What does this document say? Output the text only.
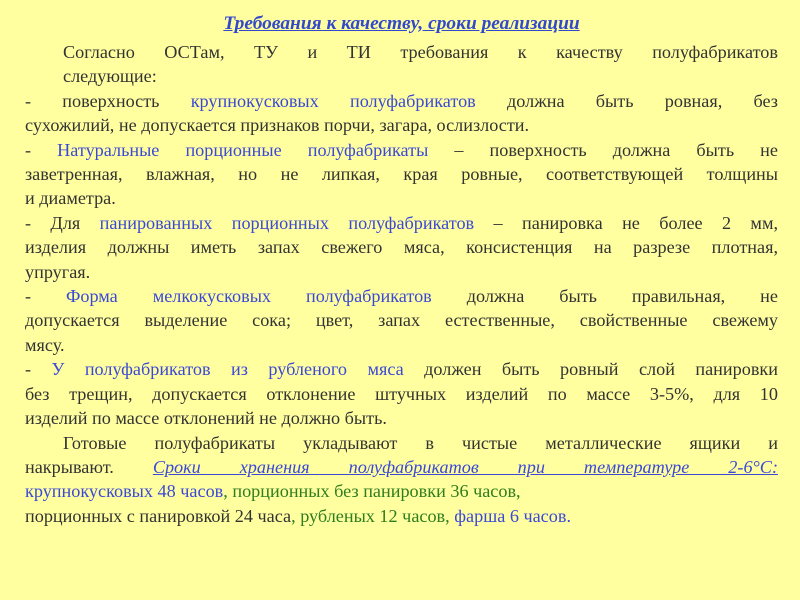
Требования к качеству, сроки реализации

Согласно ОСТам, ТУ и ТИ требования к качеству полуфабрикатов
следующие:

- поверхность крупнокусковых полуфабрикатов должна быть ровная, без
сухожилий, не допускается признаков порчи, загара, ослизлости.

- Натуральные порционные полуфабрикаты – поверхность должна быть не
заветренная, влажная, но не липкая, края ровные, соответствующей толщины
и диаметра.

- Для панированных порционных полуфабрикатов – панировка не более 2 мм,
изделия должны иметь запах свежего мяса, консистенция на разрезе плотная,
упругая.

- Форма мелкокусковых полуфабрикатов должна быть правильная, не
допускается выделение сока; цвет, запах естественные, свойственные свежему
мясу.

- У полуфабрикатов из рубленого мяса должен быть ровный слой панировки
без трещин, допускается отклонение штучных изделий по массе 3-5%, для 10
изделий по массе отклонений не должно быть.

Готовые полуфабрикаты укладывают в чистые металлические ящики и

накрывают. Сроки хранения полуфабрикатов при температуре 2-6°С:
крупнокусковых 48 часов, порционных без панировки 36 часов,
порционных с панировкой 24 часа, рубленых 12 часов, фарша 6 часов.
